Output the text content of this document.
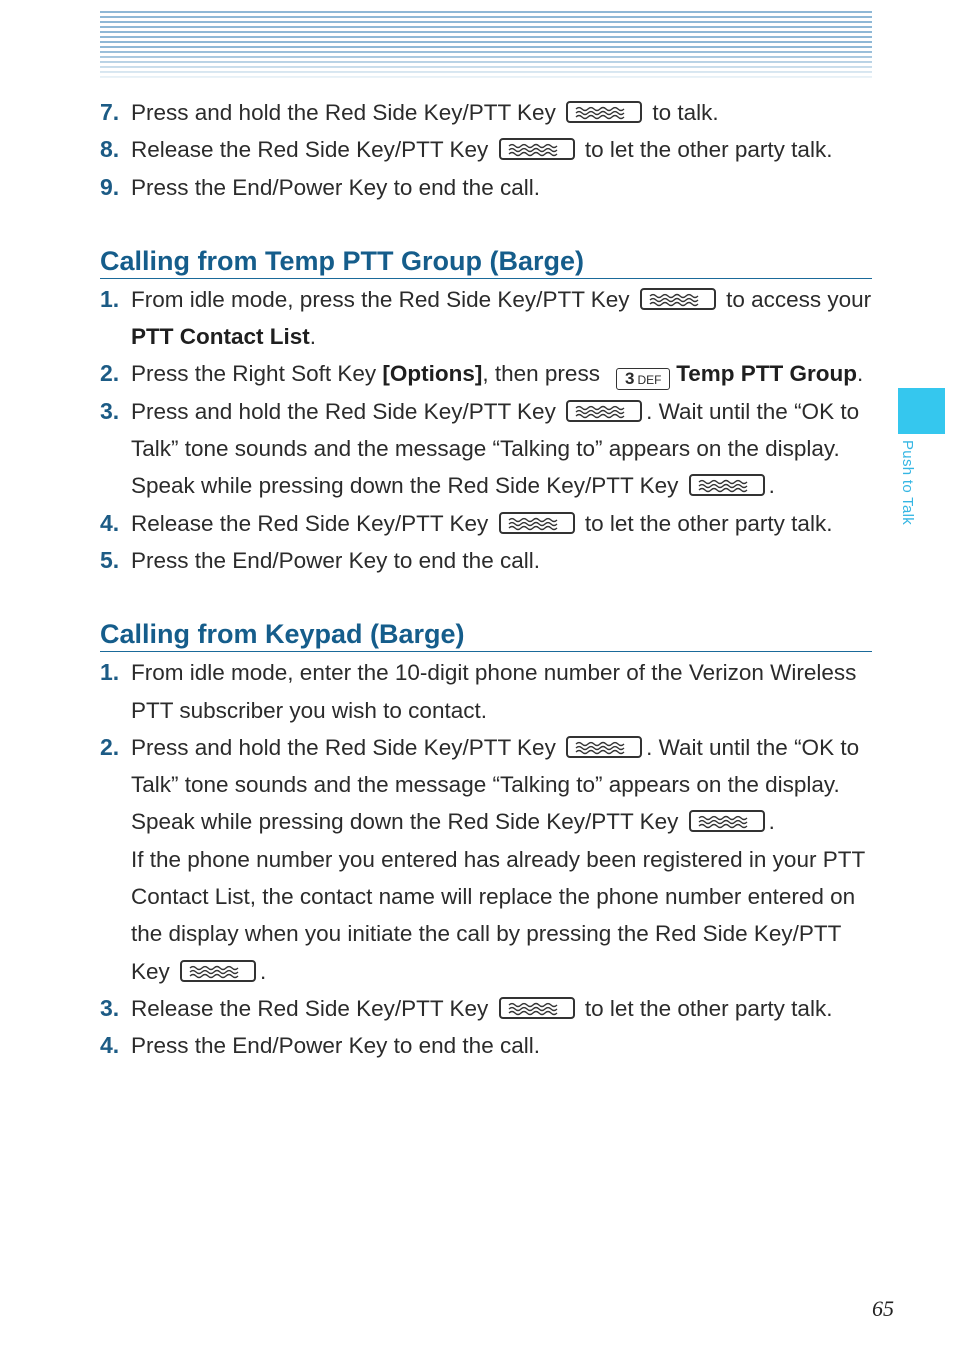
Push to Talk
7. Press and hold the Red Side Key/PTT Key	to talk.
8. Release the Red Side Key/PTT Key	to let the other party talk.
9. Press the End/Power Key to end the call.
Calling from Temp PTT Group (Barge)
1. From idle mode, press the Red Side Key/PTT Key	to access your PTT Contact List.
2. Press the Right Soft Key [Options], then press 3 DEF Temp PTT Group.
3. Press and hold the Red Side Key/PTT Key	. Wait until the “OK to Talk” tone sounds and the message “Talking to” appears on the display. Speak while pressing down the Red Side Key/PTT Key	.
4. Release the Red Side Key/PTT Key	to let the other party talk.
5. Press the End/Power Key to end the call.
Calling from Keypad (Barge)
1. From idle mode, enter the 10-digit phone number of the Verizon Wireless PTT subscriber you wish to contact.
2. Press and hold the Red Side Key/PTT Key	. Wait until the “OK to Talk” tone sounds and the message “Talking to” appears on the display. Speak while pressing down the Red Side Key/PTT Key	.

If the phone number you entered has already been registered in your PTT Contact List, the contact name will replace the phone number entered on the display when you initiate the call by pressing the Red Side Key/PTT Key	.

3. Release the Red Side Key/PTT Key	to let the other party talk.
4. Press the End/Power Key to end the call.
65
